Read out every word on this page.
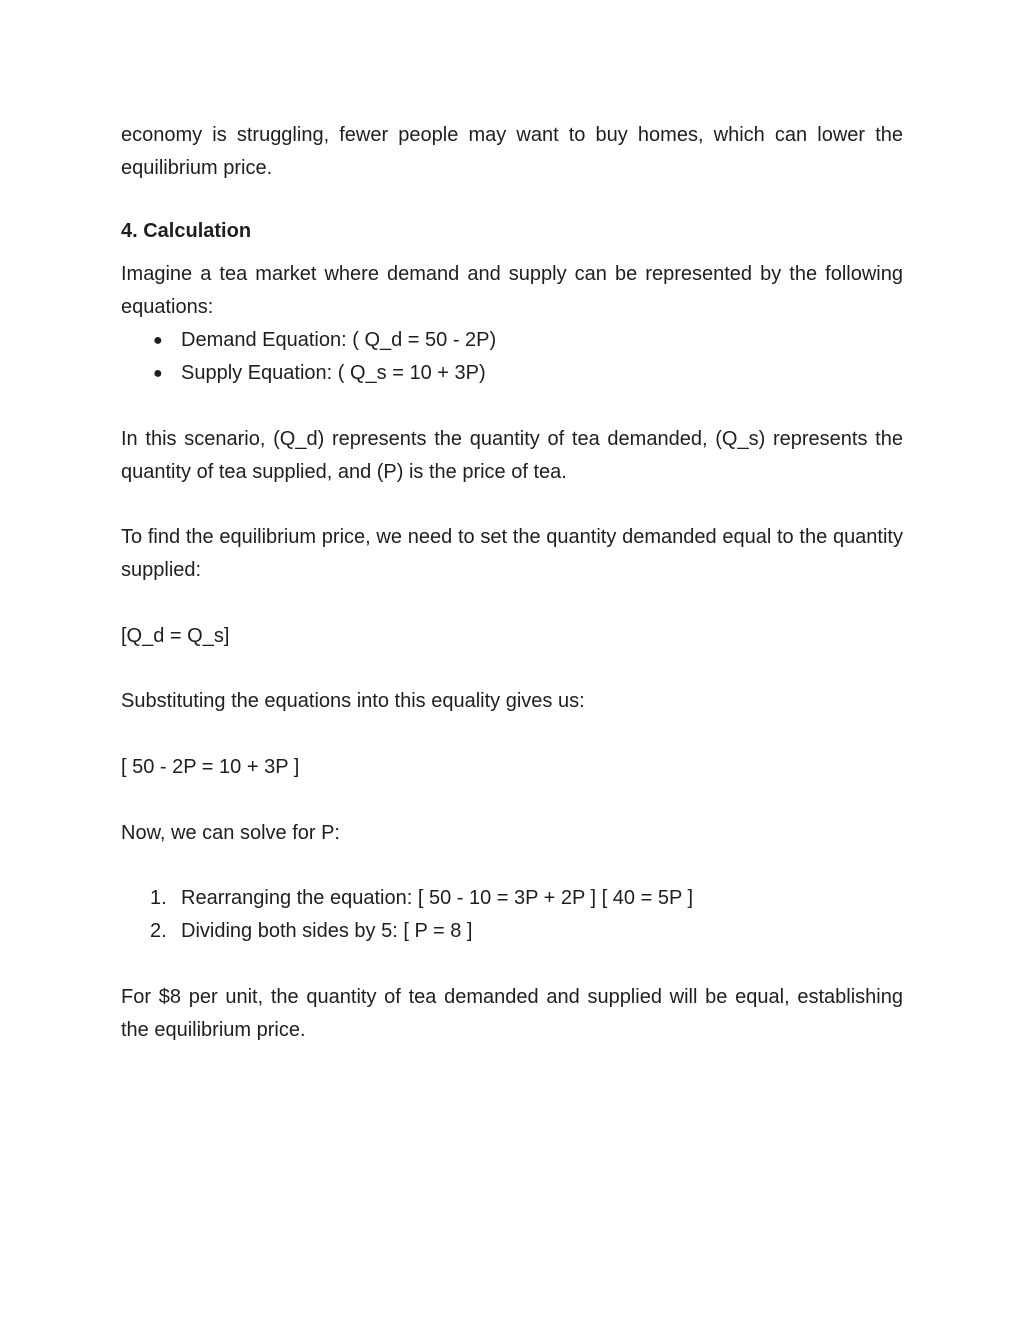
economy is struggling, fewer people may want to buy homes, which can lower the equilibrium price.

4. Calculation

Imagine a tea market where demand and supply can be represented by the following equations:

● Demand Equation: ( Q_d = 50 - 2P)
● Supply Equation: ( Q_s = 10 + 3P)

In this scenario, (Q_d) represents the quantity of tea demanded, (Q_s) represents the quantity of tea supplied, and (P) is the price of tea.

To find the equilibrium price, we need to set the quantity demanded equal to the quantity supplied:

[Q_d = Q_s]

Substituting the equations into this equality gives us:

[ 50 - 2P = 10 + 3P ]

Now, we can solve for P:

1. Rearranging the equation: [ 50 - 10 = 3P + 2P ] [ 40 = 5P ]
2. Dividing both sides by 5: [ P = 8 ]

For $8 per unit, the quantity of tea demanded and supplied will be equal, establishing the equilibrium price.
